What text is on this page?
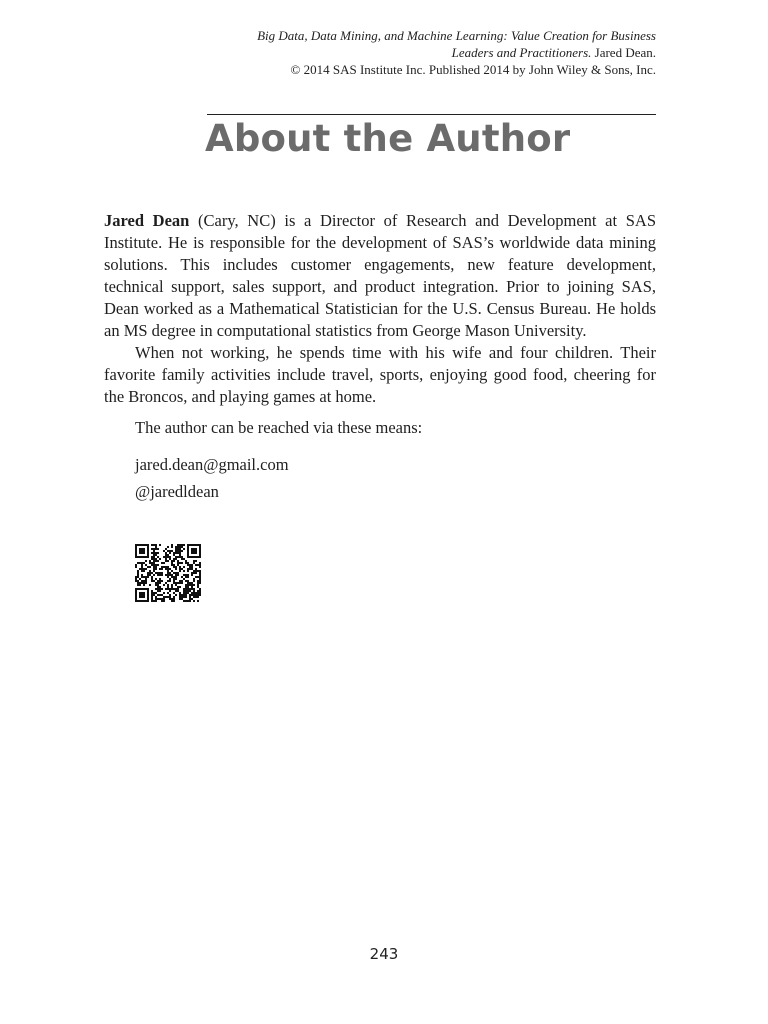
Big Data, Data Mining, and Machine Learning: Value Creation for Business
Leaders and Practitioners. Jared Dean.
© 2014 SAS Institute Inc. Published 2014 by John Wiley & Sons, Inc.
About the Author

Jared Dean (Cary, NC) is a Director of Research and Development at SAS Institute. He is responsible for the development of SAS’s worldwide data mining solutions. This includes customer engagements, new feature development, technical support, sales support, and product integration. Prior to joining SAS, Dean worked as a Mathematical Statistician for the U.S. Census Bureau. He holds an MS degree in computational statistics from George Mason University.

When not working, he spends time with his wife and four children. Their favorite family activities include travel, sports, enjoying good food, cheering for the Broncos, and playing games at home.

The author can be reached via these means:

jared.dean@gmail.com

@jaredldean

243
